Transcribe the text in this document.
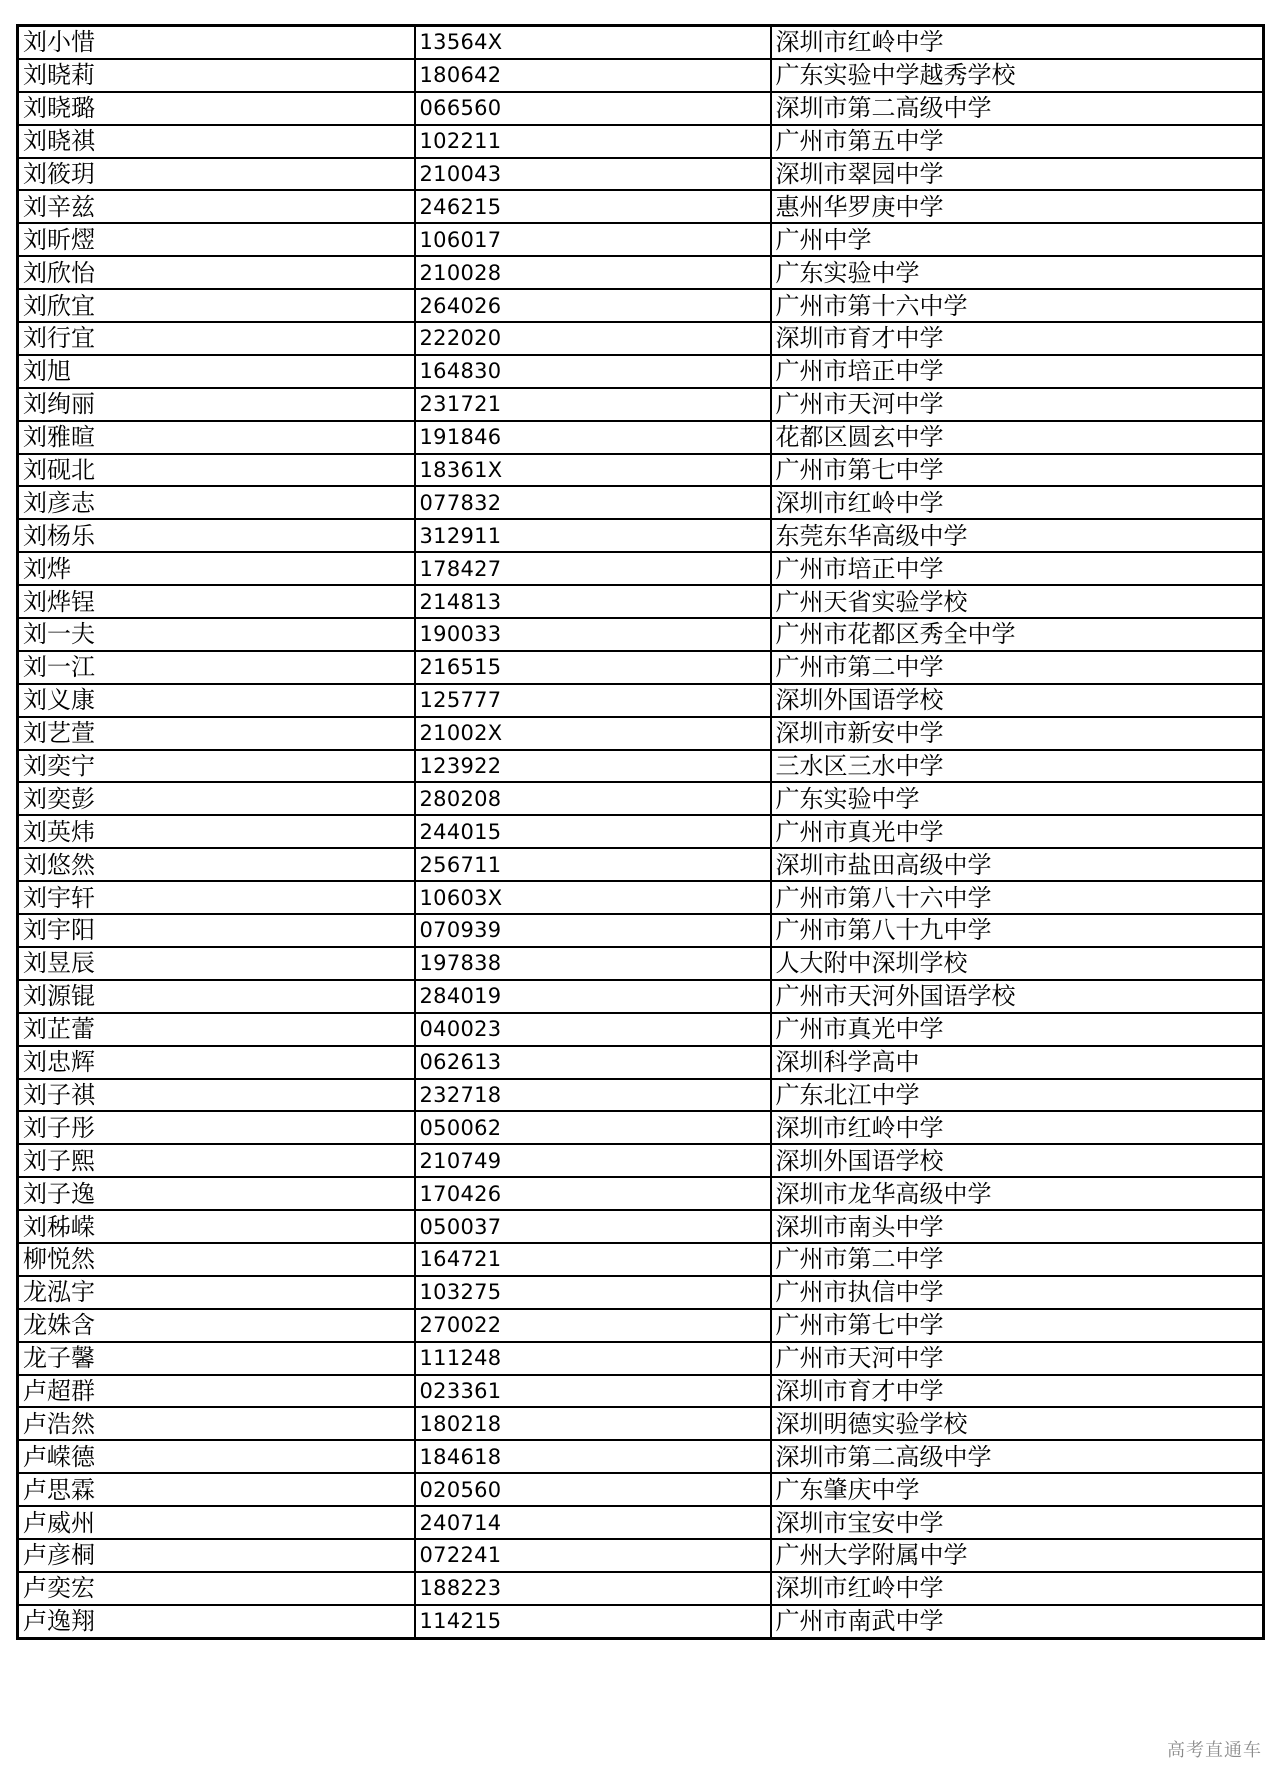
刘小惜	13564X	深圳市红岭中学
刘晓莉	180642	广东实验中学越秀学校
刘晓璐	066560	深圳市第二高级中学
刘晓祺	102211	广州市第五中学
刘筱玥	210043	深圳市翠园中学
刘辛兹	246215	惠州华罗庚中学
刘昕熤	106017	广州中学
刘欣怡	210028	广东实验中学
刘欣宜	264026	广州市第十六中学
刘行宜	222020	深圳市育才中学
刘旭	164830	广州市培正中学
刘绚丽	231721	广州市天河中学
刘雅暄	191846	花都区圆玄中学
刘砚北	18361X	广州市第七中学
刘彦志	077832	深圳市红岭中学
刘杨乐	312911	东莞东华高级中学
刘烨	178427	广州市培正中学
刘烨锃	214813	广州天省实验学校
刘一夫	190033	广州市花都区秀全中学
刘一江	216515	广州市第二中学
刘义康	125777	深圳外国语学校
刘艺萱	21002X	深圳市新安中学
刘奕宁	123922	三水区三水中学
刘奕彭	280208	广东实验中学
刘英炜	244015	广州市真光中学
刘悠然	256711	深圳市盐田高级中学
刘宇轩	10603X	广州市第八十六中学
刘宇阳	070939	广州市第八十九中学
刘昱辰	197838	人大附中深圳学校
刘源锟	284019	广州市天河外国语学校
刘芷蕾	040023	广州市真光中学
刘忠辉	062613	深圳科学高中
刘子祺	232718	广东北江中学
刘子彤	050062	深圳市红岭中学
刘子熙	210749	深圳外国语学校
刘子逸	170426	深圳市龙华高级中学
刘秭嵘	050037	深圳市南头中学
柳悦然	164721	广州市第二中学
龙泓宇	103275	广州市执信中学
龙姝含	270022	广州市第七中学
龙子馨	111248	广州市天河中学
卢超群	023361	深圳市育才中学
卢浩然	180218	深圳明德实验学校
卢嵘德	184618	深圳市第二高级中学
卢思霖	020560	广东肇庆中学
卢威州	240714	深圳市宝安中学
卢彦桐	072241	广州大学附属中学
卢奕宏	188223	深圳市红岭中学
卢逸翔	114215	广州市南武中学
高考直通车
